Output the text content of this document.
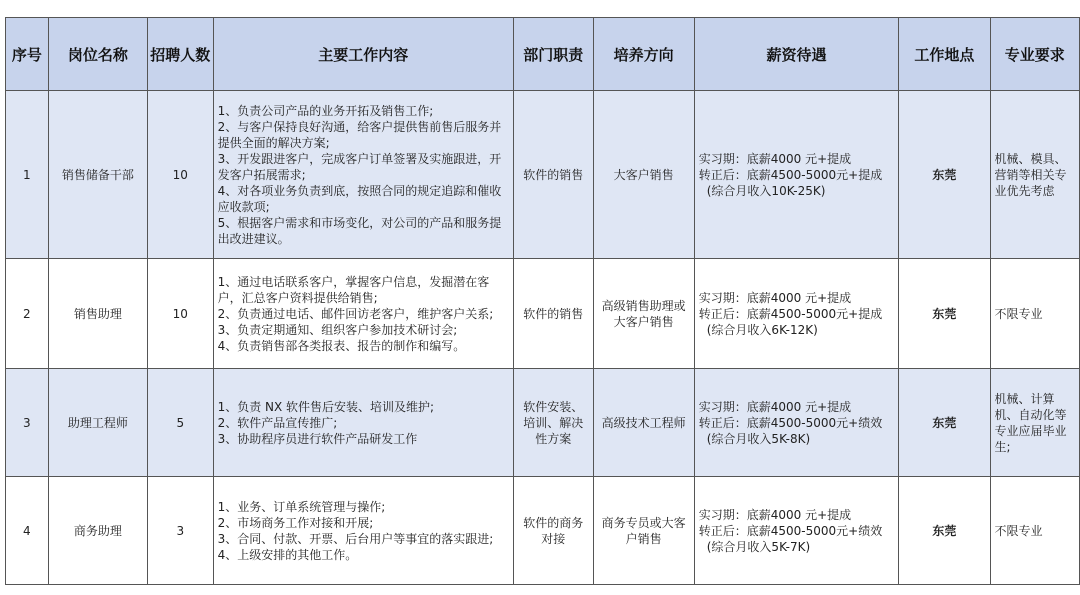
序号	岗位名称	招聘人数	主要工作内容	部门职责	培养方向	薪资待遇	工作地点	专业要求
1	销售储备干部	10	1、负责公司产品的业务开拓及销售工作;
2、与客户保持良好沟通，给客户提供售前售后服务并提供全面的解决方案;
3、开发跟进客户，完成客户订单签署及实施跟进，开发客户拓展需求;
4、对各项业务负责到底，按照合同的规定追踪和催收应收款项;
5、根据客户需求和市场变化，对公司的产品和服务提出改进建议。	软件的销售	大客户销售	实习期：底薪4000 元+提成
转正后：底薪4500-5000元+提成
(综合月收入10K-25K)	东莞	机械、模具、营销等相关专业优先考虑
2	销售助理	10	1、通过电话联系客户，掌握客户信息，发掘潜在客户，汇总客户资料提供给销售;
2、负责通过电话、邮件回访老客户，维护客户关系;
3、负责定期通知、组织客户参加技术研讨会;
4、负责销售部各类报表、报告的制作和编写。	软件的销售	高级销售助理或大客户销售	实习期：底薪4000 元+提成
转正后：底薪4500-5000元+提成
(综合月收入6K-12K)	东莞	不限专业
3	助理工程师	5	1、负责 NX 软件售后安装、培训及维护;
2、软件产品宣传推广;
3、协助程序员进行软件产品研发工作	软件安装、培训、解决性方案	高级技术工程师	实习期：底薪4000 元+提成
转正后：底薪4500-5000元+绩效
(综合月收入5K-8K)	东莞	机械、计算机、自动化等专业应届毕业生;
4	商务助理	3	1、业务、订单系统管理与操作;
2、市场商务工作对接和开展;
3、合同、付款、开票、后台用户等事宜的落实跟进;
4、上级安排的其他工作。	软件的商务对接	商务专员或大客户销售	实习期：底薪4000 元+提成
转正后：底薪4500-5000元+绩效
(综合月收入5K-7K)	东莞	不限专业
